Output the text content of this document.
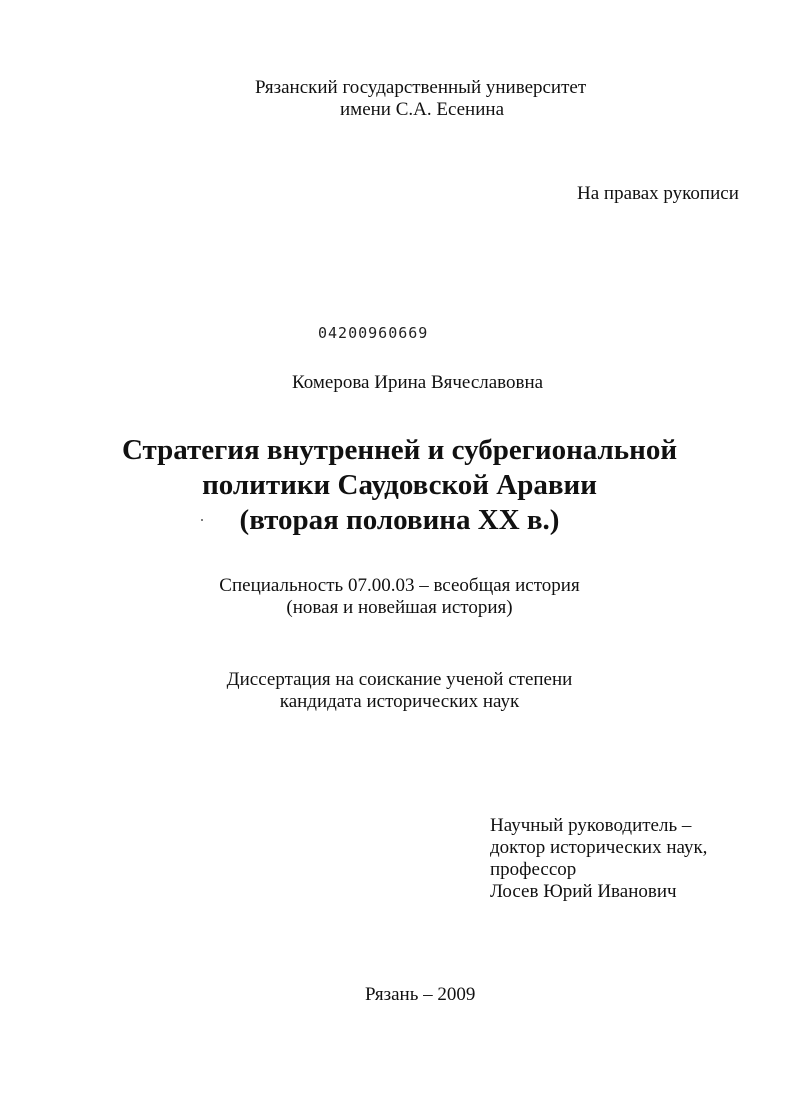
Рязанский государственный университет
имени С.А. Есенина
На правах рукописи
04200960669
Комерова Ирина Вячеславовна
Стратегия внутренней и субрегиональной
политики Саудовской Аравии
(вторая половина XX в.)
Специальность 07.00.03 – всеобщая история
(новая и новейшая история)
Диссертация на соискание ученой степени
кандидата исторических наук
Научный руководитель –
доктор исторических наук,
профессор
Лосев Юрий Иванович
Рязань – 2009
